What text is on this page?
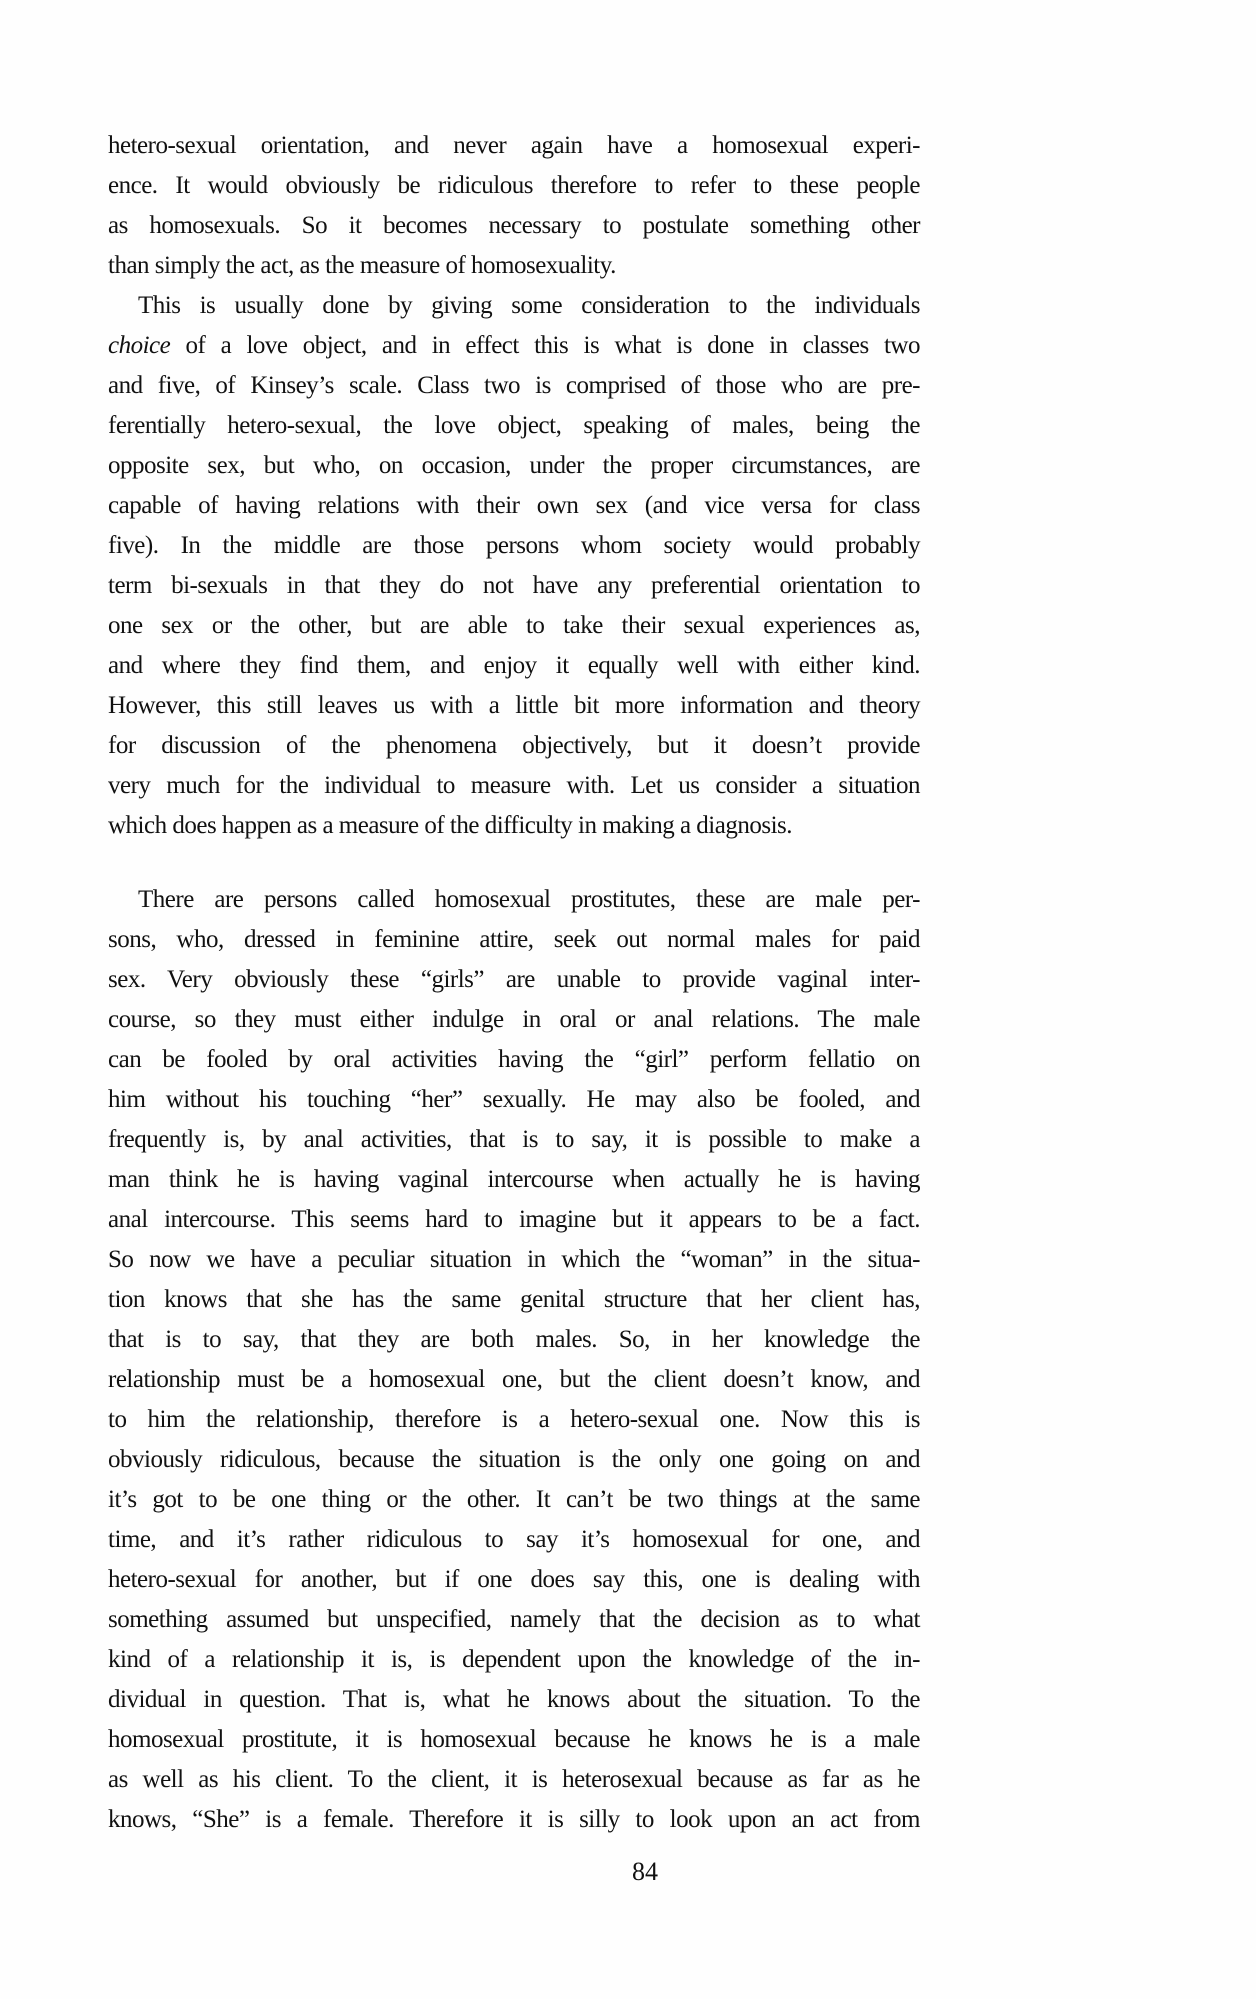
hetero-sexual orientation, and never again have a homosexual experi-
ence. It would obviously be ridiculous therefore to refer to these people
as homosexuals. So it becomes necessary to postulate something other
than simply the act, as the measure of homosexuality.
This is usually done by giving some consideration to the individuals
choice of a love object, and in effect this is what is done in classes two
and five, of Kinsey’s scale. Class two is comprised of those who are pre-
ferentially hetero-sexual, the love object, speaking of males, being the
opposite sex, but who, on occasion, under the proper circumstances, are
capable of having relations with their own sex (and vice versa for class
five). In the middle are those persons whom society would probably
term bi-sexuals in that they do not have any preferential orientation to
one sex or the other, but are able to take their sexual experiences as,
and where they find them, and enjoy it equally well with either kind.
However, this still leaves us with a little bit more information and theory
for discussion of the phenomena objectively, but it doesn’t provide
very much for the individual to measure with. Let us consider a situation
which does happen as a measure of the difficulty in making a diagnosis.
There are persons called homosexual prostitutes, these are male per-
sons, who, dressed in feminine attire, seek out normal males for paid
sex. Very obviously these “girls” are unable to provide vaginal inter-
course, so they must either indulge in oral or anal relations. The male
can be fooled by oral activities having the “girl” perform fellatio on
him without his touching “her” sexually. He may also be fooled, and
frequently is, by anal activities, that is to say, it is possible to make a
man think he is having vaginal intercourse when actually he is having
anal intercourse. This seems hard to imagine but it appears to be a fact.
So now we have a peculiar situation in which the “woman” in the situa-
tion knows that she has the same genital structure that her client has,
that is to say, that they are both males. So, in her knowledge the
relationship must be a homosexual one, but the client doesn’t know, and
to him the relationship, therefore is a hetero-sexual one. Now this is
obviously ridiculous, because the situation is the only one going on and
it’s got to be one thing or the other. It can’t be two things at the same
time, and it’s rather ridiculous to say it’s homosexual for one, and
hetero-sexual for another, but if one does say this, one is dealing with
something assumed but unspecified, namely that the decision as to what
kind of a relationship it is, is dependent upon the knowledge of the in-
dividual in question. That is, what he knows about the situation. To the
homosexual prostitute, it is homosexual because he knows he is a male
as well as his client. To the client, it is heterosexual because as far as he
knows, “She” is a female. Therefore it is silly to look upon an act from
84
